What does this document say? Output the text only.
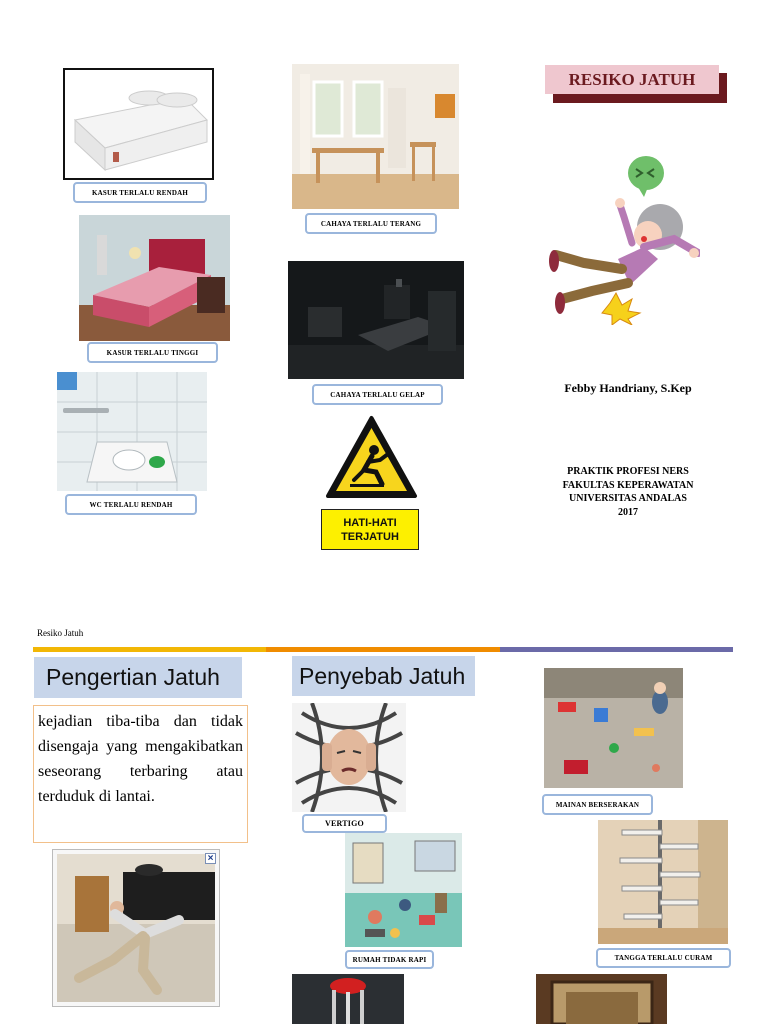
KASUR TERLALU RENDAH
KASUR TERLALU TINGGI
WC TERLALU RENDAH
CAHAYA TERLALU TERANG
CAHAYA TERLALU GELAP
HATI-HATI
TERJATUH
RESIKO JATUH
Febby Handriany, S.Kep
PRAKTIK PROFESI NERS
FAKULTAS KEPERAWATAN
UNIVERSITAS ANDALAS
2017
Resiko Jatuh
Pengertian Jatuh
kejadian tiba-tiba dan tidak disengaja yang mengakibatkan seseorang terbaring atau terduduk di lantai.
×
Penyebab Jatuh
VERTIGO
RUMAH TIDAK RAPI
MAINAN BERSERAKAN
TANGGA TERLALU CURAM
